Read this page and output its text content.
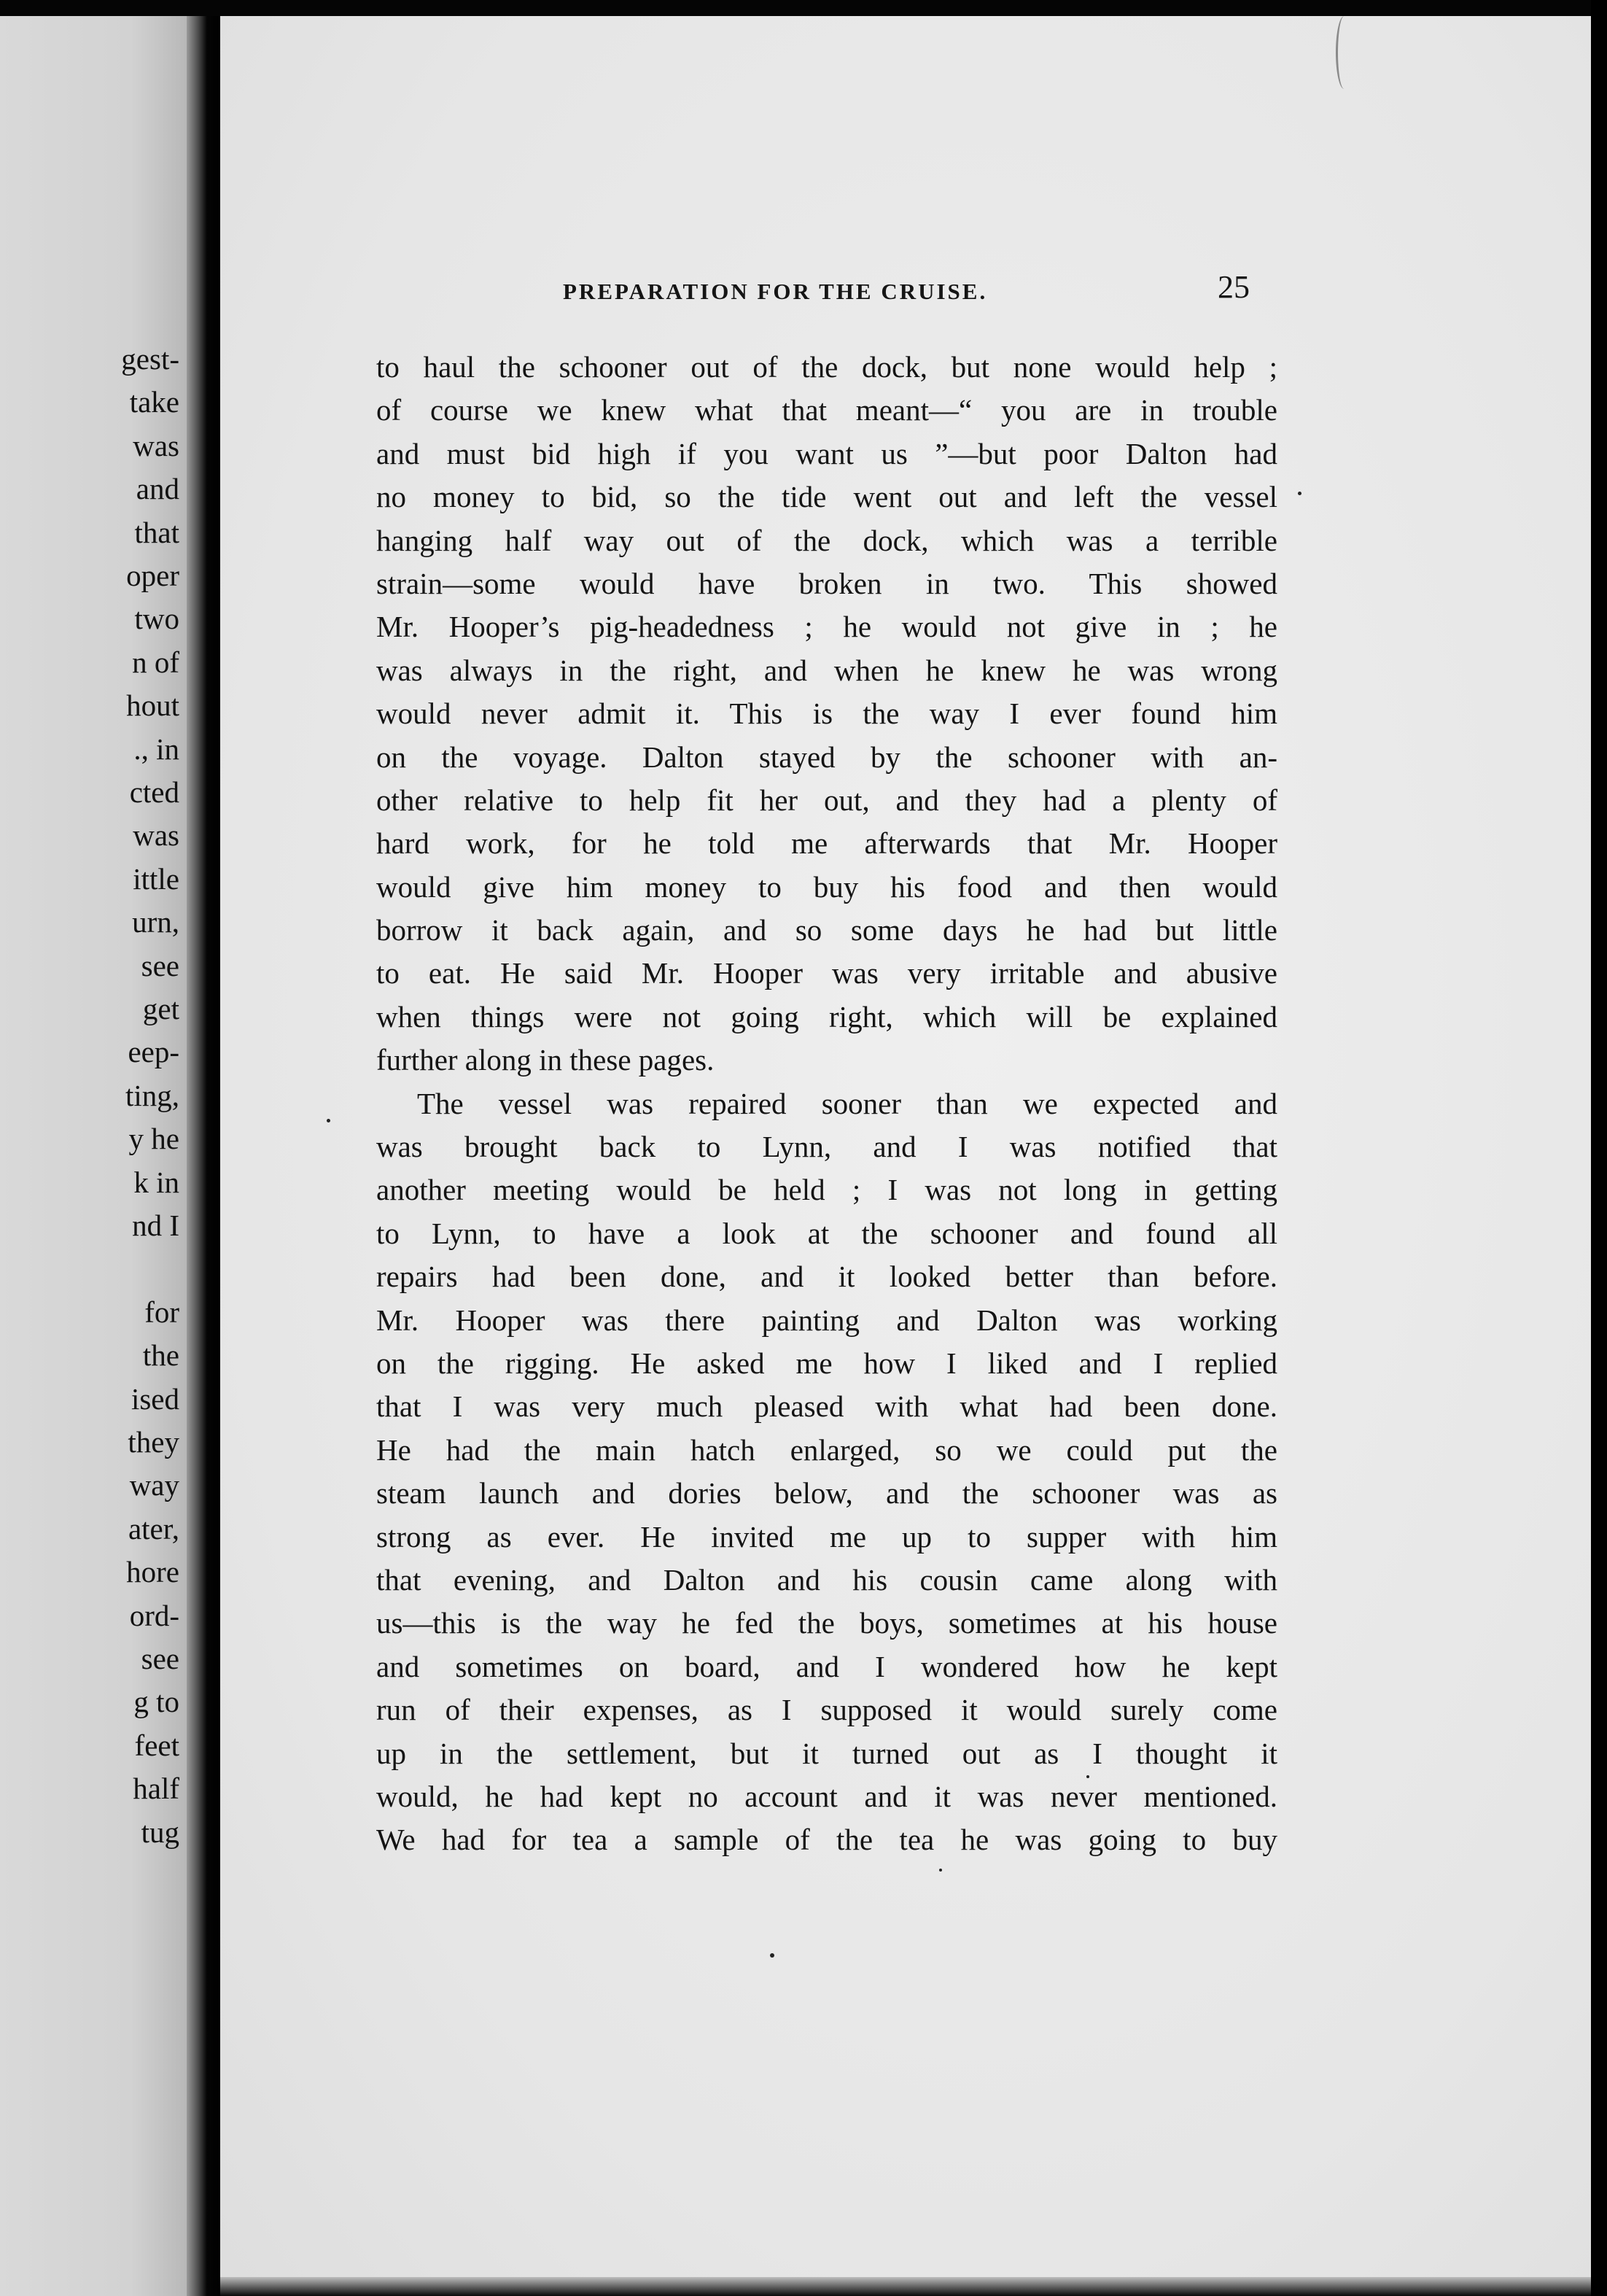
gest-
take
was
and
that
oper
two
n of
hout
., in
cted
was
ittle
urn,
see
get
eep-
ting,
y he
k in
nd I
for
the
ised
they
way
ater,
hore
ord-
see
g to
feet
half
tug
PREPARATION FOR THE CRUISE.	25
to haul the schooner out of the dock, but none would help ;
of course we knew what that meant—“ you are in trouble
and must bid high if you want us ”—but poor Dalton had
no money to bid, so the tide went out and left the vessel
hanging half way out of the dock, which was a terrible
strain—some would have broken in two. This showed
Mr. Hooper’s pig-headedness ; he would not give in ; he
was always in the right, and when he knew he was wrong
would never admit it. This is the way I ever found him
on the voyage. Dalton stayed by the schooner with an-
other relative to help fit her out, and they had a plenty of
hard work, for he told me afterwards that Mr. Hooper
would give him money to buy his food and then would
borrow it back again, and so some days he had but little
to eat. He said Mr. Hooper was very irritable and abusive
when things were not going right, which will be explained
further along in these pages.
The vessel was repaired sooner than we expected and
was brought back to Lynn, and I was notified that
another meeting would be held ; I was not long in getting
to Lynn, to have a look at the schooner and found all
repairs had been done, and it looked better than before.
Mr. Hooper was there painting and Dalton was working
on the rigging. He asked me how I liked and I replied
that I was very much pleased with what had been done.
He had the main hatch enlarged, so we could put the
steam launch and dories below, and the schooner was as
strong as ever. He invited me up to supper with him
that evening, and Dalton and his cousin came along with
us—this is the way he fed the boys, sometimes at his house
and sometimes on board, and I wondered how he kept
run of their expenses, as I supposed it would surely come
up in the settlement, but it turned out as I thought it
would, he had kept no account and it was never mentioned.
We had for tea a sample of the tea he was going to buy
